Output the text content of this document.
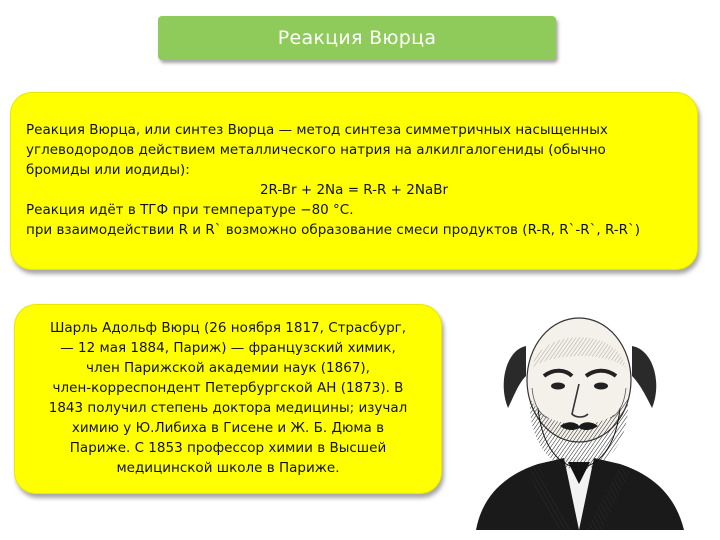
Реакция Вюрца
Реакция Вюрца, или синтез Вюрца — метод синтеза симметричных насыщенных
углеводородов действием металлического натрия на алкилгалогениды (обычно
бромиды или иодиды):
2R-Br + 2Na = R-R + 2NaBr
Реакция идёт в ТГФ при температуре −80 °С.
при взаимодействии R и R` возможно образование смеси продуктов (R-R, R`-R`, R-R`)
Шарль Адольф Вюрц (26 ноября 1817, Страсбург,
— 12 мая 1884, Париж) — французский химик,
член Парижской академии наук (1867),
член-корреспондент Петербургской АН (1873). В
1843 получил степень доктора медицины; изучал
химию у Ю.Либиха в Гисене и Ж. Б. Дюма в
Париже. С 1853 профессор химии в Высшей
медицинской школе в Париже.
